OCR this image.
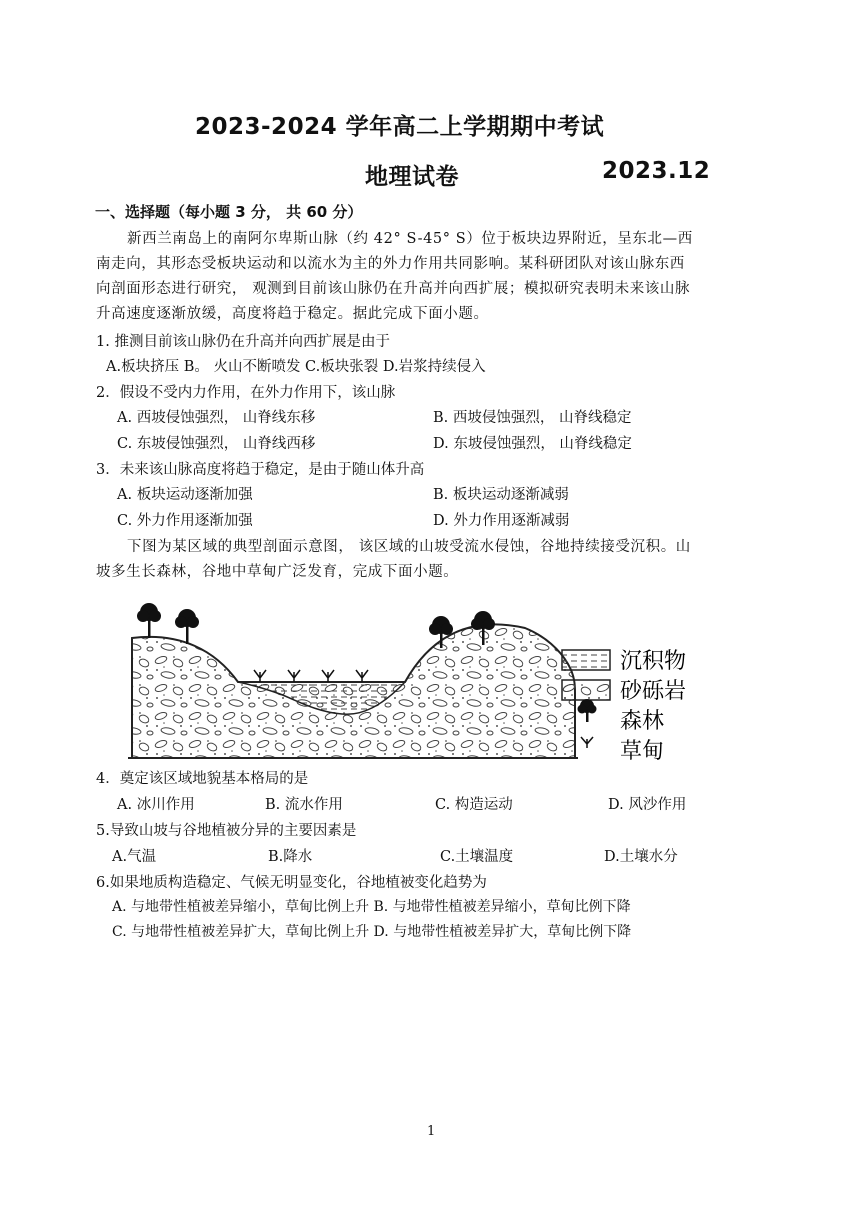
2023-2024 学年高二上学期期中考试
地理试卷	2023.12
一、选择题（每小题 3 分， 共 60 分）
新西兰南岛上的南阿尔卑斯山脉（约 42° S-45° S）位于板块边界附近，呈东北—西
南走向，其形态受板块运动和以流水为主的外力作用共同影响。某科研团队对该山脉东西
向剖面形态进行研究， 观测到目前该山脉仍在升高并向西扩展；模拟研究表明未来该山脉
升高速度逐渐放缓，高度将趋于稳定。据此完成下面小题。
1. 推测目前该山脉仍在升高并向西扩展是由于
A.板块挤压 B。 火山不断喷发 C.板块张裂 D.岩浆持续侵入
2．假设不受内力作用，在外力作用下，该山脉
A. 西坡侵蚀强烈， 山脊线东移	B. 西坡侵蚀强烈， 山脊线稳定
C. 东坡侵蚀强烈， 山脊线西移	D. 东坡侵蚀强烈， 山脊线稳定
3．未来该山脉高度将趋于稳定，是由于随山体升高
A. 板块运动逐渐加强	B. 板块运动逐渐减弱
C. 外力作用逐渐加强	D. 外力作用逐渐减弱
下图为某区域的典型剖面示意图， 该区域的山坡受流水侵蚀，谷地持续接受沉积。山
坡多生长森林，谷地中草甸广泛发育，完成下面小题。
沉积物
砂砾岩
森林
草甸
4．奠定该区域地貌基本格局的是
A. 冰川作用	B. 流水作用	C. 构造运动	D. 风沙作用
5.导致山坡与谷地植被分异的主要因素是
A.气温	B.降水	C.土壤温度	D.土壤水分
6.如果地质构造稳定、气候无明显变化，谷地植被变化趋势为
A. 与地带性植被差异缩小，草甸比例上升 B. 与地带性植被差异缩小，草甸比例下降
C. 与地带性植被差异扩大，草甸比例上升 D. 与地带性植被差异扩大，草甸比例下降
1
